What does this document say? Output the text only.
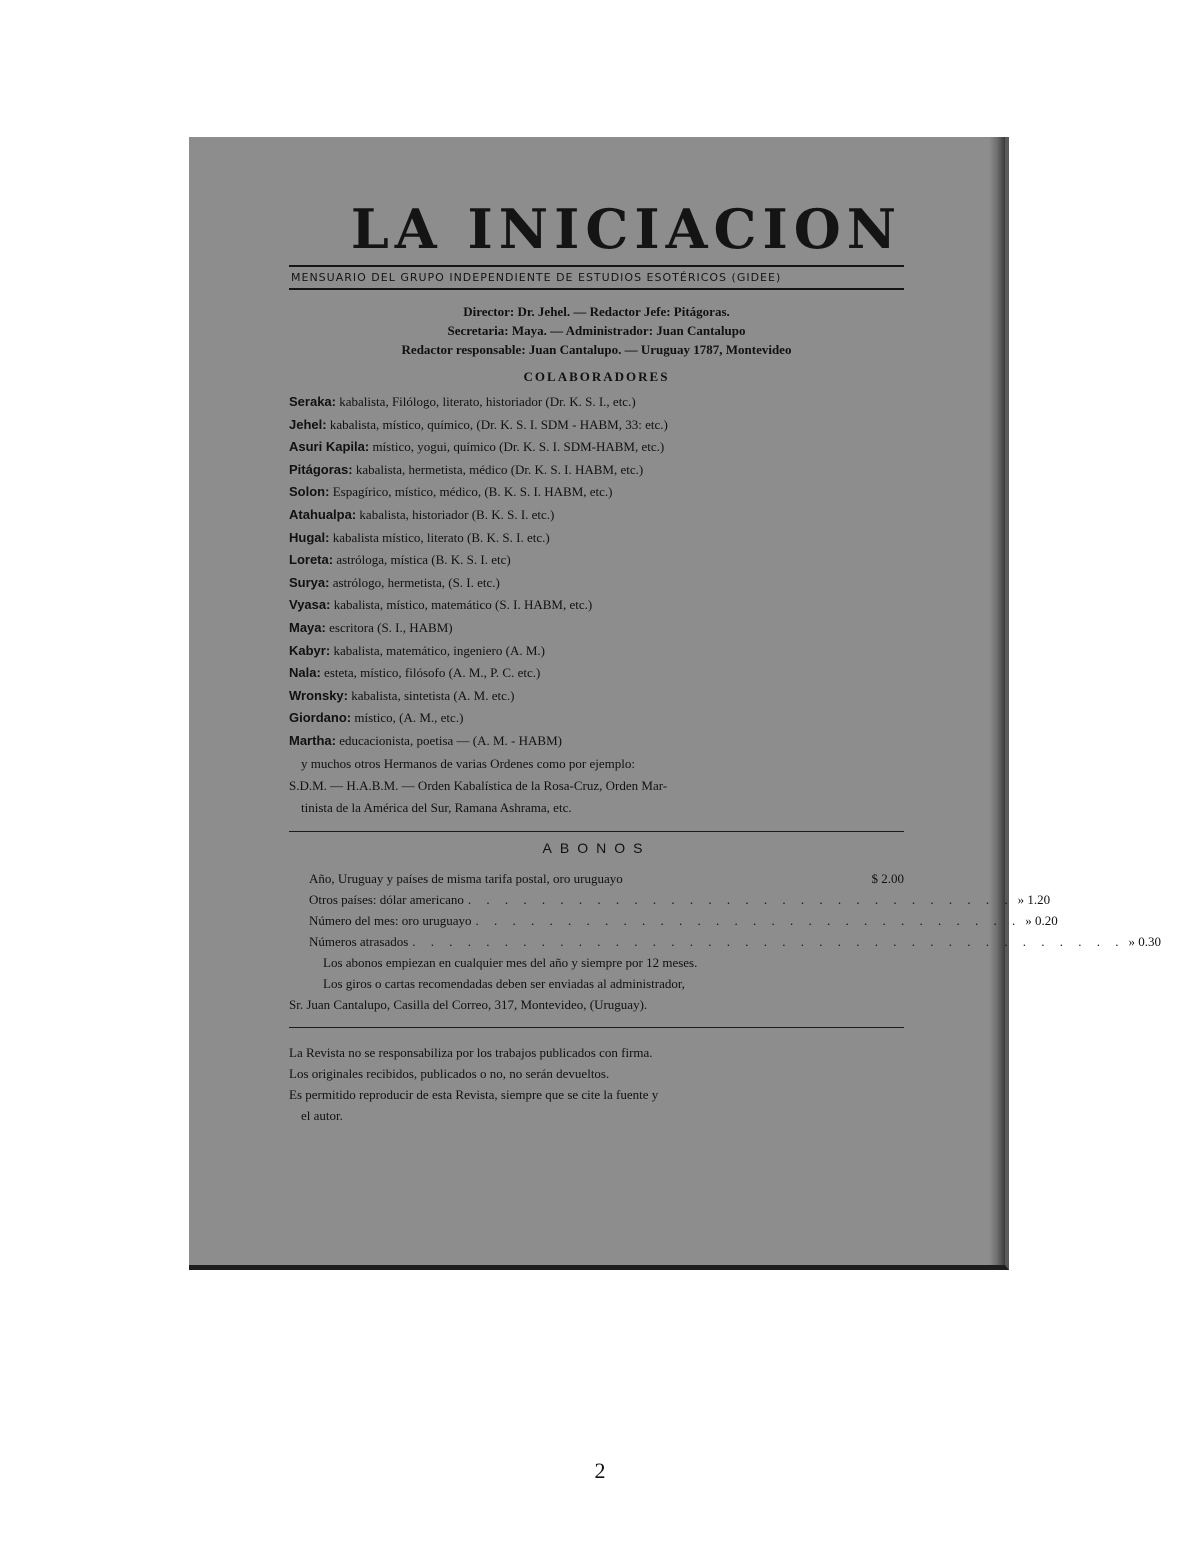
LA INICIACION
MENSUARIO DEL GRUPO INDEPENDIENTE DE ESTUDIOS ESOTÉRICOS (GIDEE)
Director: Dr. Jehel. — Redactor Jefe: Pitágoras.
Secretaria: Maya. — Administrador: Juan Cantalupo
Redactor responsable: Juan Cantalupo. — Uruguay 1787, Montevideo
COLABORADORES
Seraka: kabalista, Filólogo, literato, historiador (Dr. K. S. I., etc.)
Jehel: kabalista, místico, químico, (Dr. K. S. I. SDM - HABM, 33: etc.)
Asuri Kapila: místico, yogui, químico (Dr. K. S. I. SDM-HABM, etc.)
Pitágoras: kabalista, hermetista, médico (Dr. K. S. I. HABM, etc.)
Solon: Espagírico, místico, médico, (B. K. S. I. HABM, etc.)
Atahualpa: kabalista, historiador (B. K. S. I. etc.)
Hugal: kabalista místico, literato (B. K. S. I. etc.)
Loreta: astróloga, mística (B. K. S. I. etc)
Surya: astrólogo, hermetista, (S. I. etc.)
Vyasa: kabalista, místico, matemático (S. I. HABM, etc.)
Maya: escritora (S. I., HABM)
Kabyr: kabalista, matemático, ingeniero (A. M.)
Nala: esteta, místico, filósofo (A. M., P. C. etc.)
Wronsky: kabalista, sintetista (A. M. etc.)
Giordano: místico, (A. M., etc.)
Martha: educacionista, poetisa — (A. M. - HABM)
y muchos otros Hermanos de varias Ordenes como por ejemplo:
S.D.M. — H.A.B.M. — Orden Kabalística de la Rosa-Cruz, Orden Mar-
tinista de la América del Sur, Ramana Ashrama, etc.
ABONOS
Año, Uruguay y países de misma tarifa postal, oro uruguayo	$ 2.00
Otros países: dólar americano . . . . . . . . . . . . . . . . . . . . . . . . . . . . . . » 1.20
Número del mes: oro uruguayo . . . . . . . . . . . . . . . . . . . . . . . . . . . . . . » 0.20
Números atrasados . . . . . . . . . . . . . . . . . . . . . . . . . . . . . . . . . . . . . . . » 0.30
Los abonos empiezan en cualquier mes del año y siempre por 12 meses.
Los giros o cartas recomendadas deben ser enviadas al administrador,
Sr. Juan Cantalupo, Casilla del Correo, 317, Montevideo, (Uruguay).
La Revista no se responsabiliza por los trabajos publicados con firma.
Los originales recibidos, publicados o no, no serán devueltos.
Es permitido reproducir de esta Revista, siempre que se cite la fuente y
el autor.
2
